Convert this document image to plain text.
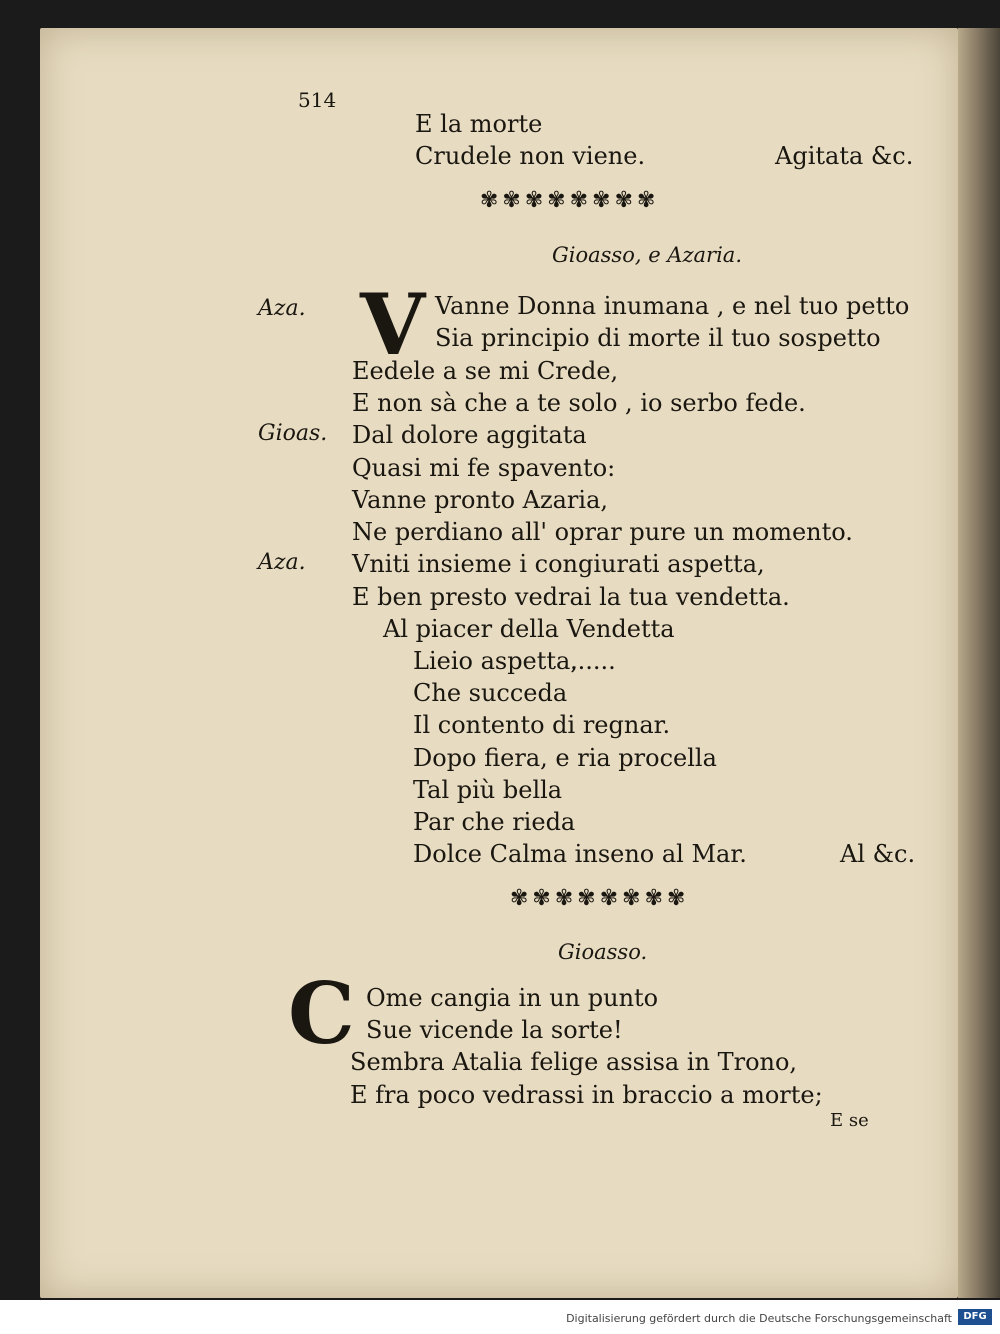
514
E la morte
Crudele non viene.	Agitata &c.
✾✾✾✾✾✾✾✾
Gioasso, e Azaria.
Aza. V Vanne Donna inumana , e nel tuo petto
Sia principio di morte il tuo sospetto
Eedele a se mi Crede,
E non sà che a te solo , io serbo fede.
Gioas. Dal dolore aggitata
Quasi mi fe spavento:
Vanne pronto Azaria,
Ne perdiano all' oprar pure un momento.
Aza. Vniti insieme i congiurati aspetta,
E ben presto vedrai la tua vendetta.
Al piacer della Vendetta
Lieio aspetta,
......
Che succeda
Il contento di regnar.
Dopo fiera, e ria procella
Tal più bella
Par che rieda
Dolce Calma inseno al Mar.	Al &c.
✾✾✾✾✾✾✾✾
Gioasso.
C Ome cangia in un punto
Sue vicende la sorte!
Sembra Atalia felige assisa in Trono,
E fra poco vedrassi in braccio a morte;
E se
Digitalisierung gefördert durch die Deutsche Forschungsgemeinschaft	DFG
